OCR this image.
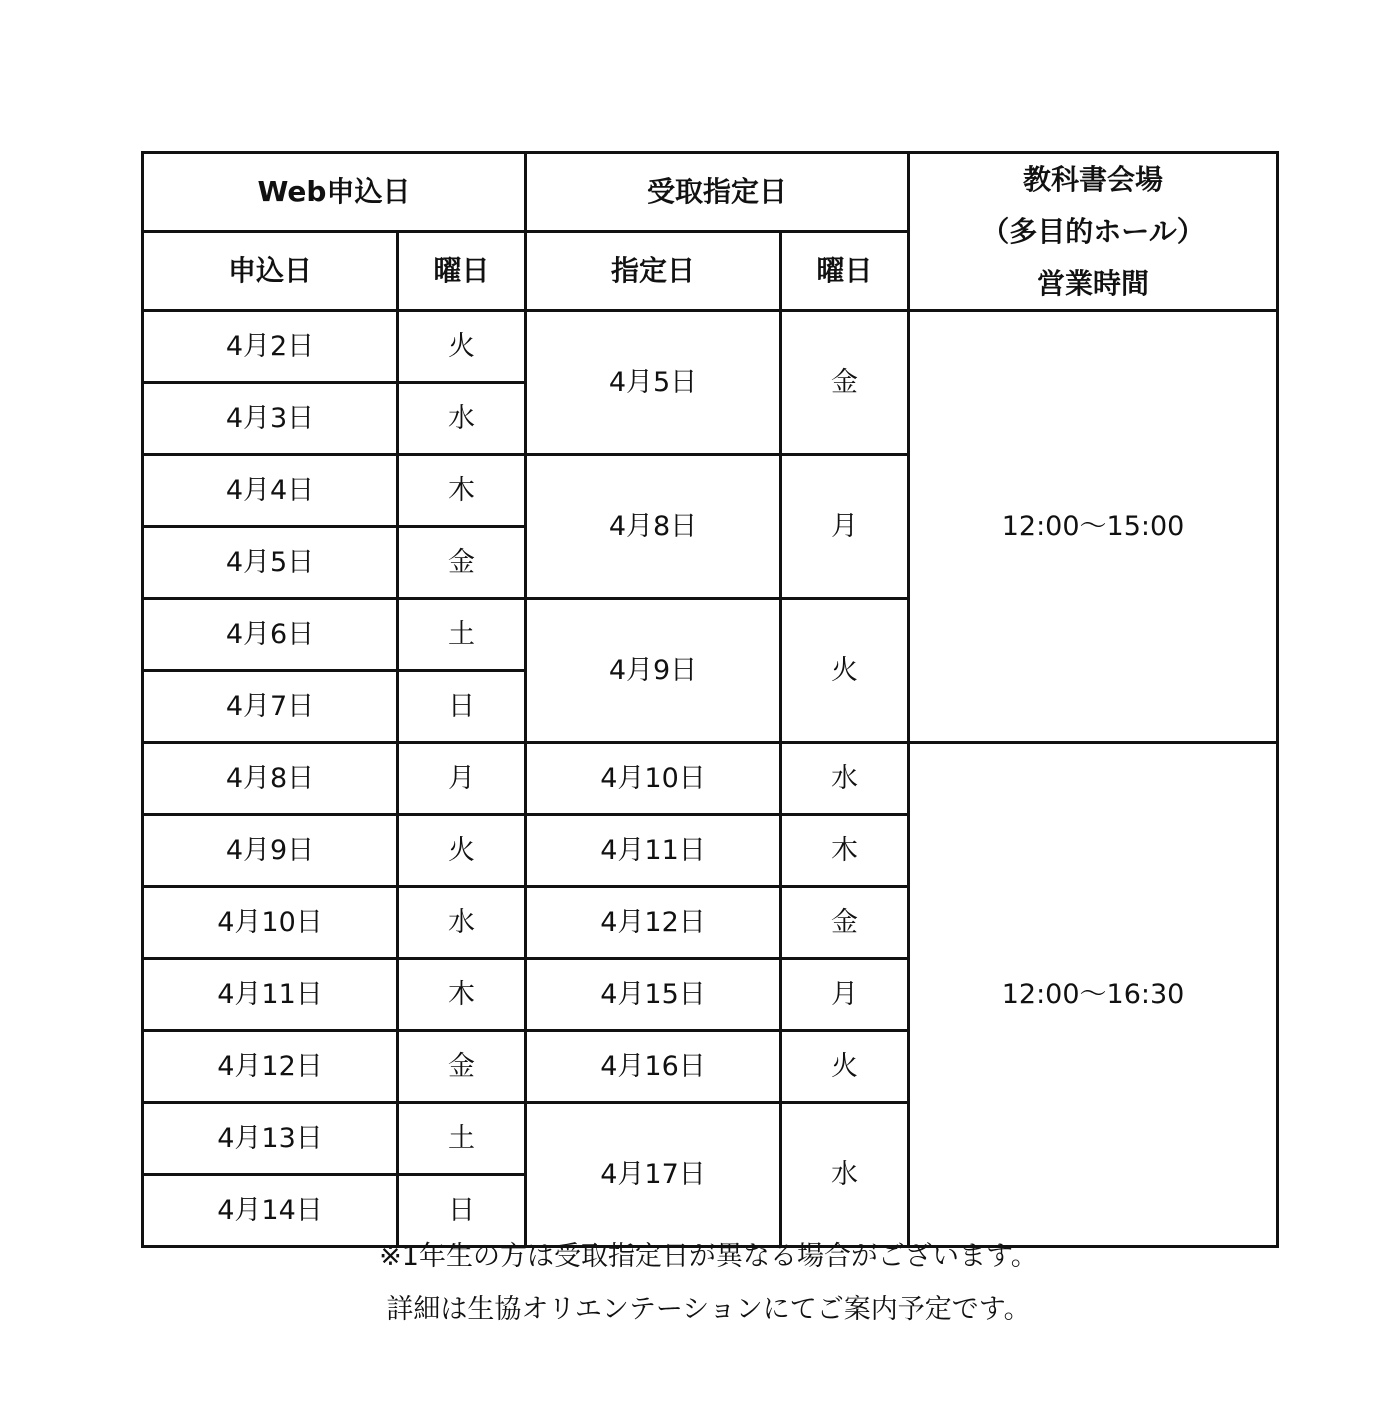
Web申込日		受取指定日		教科書会場
（多目的ホール）
営業時間

申込日	曜日	指定日	曜日	
4月2日	火	4月5日	金	12:00～15:00
4月3日	水			
4月4日	木	4月8日	月	
4月5日	金			
4月6日	土	4月9日	火	
4月7日	日			
4月8日	月	4月10日	水	12:00～16:30
4月9日	火	4月11日	木	
4月10日	水	4月12日	金	
4月11日	木	4月15日	月	
4月12日	金	4月16日	火	
4月13日	土	4月17日	水	
4月14日	日			
※1年生の方は受取指定日が異なる場合がございます。
詳細は生協オリエンテーションにてご案内予定です。
